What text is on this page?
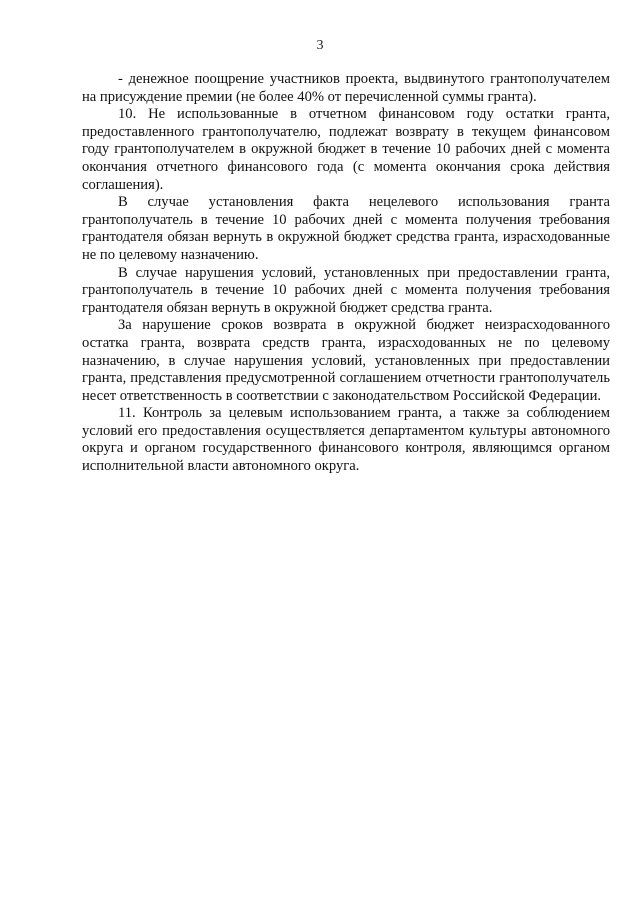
3

- денежное поощрение участников проекта, выдвинутого грантополучателем на присуждение премии (не более 40% от перечисленной суммы гранта).

10. Не использованные в отчетном финансовом году остатки гранта, предоставленного грантополучателю, подлежат возврату в текущем финансовом году грантополучателем в окружной бюджет в течение 10 рабочих дней с момента окончания отчетного финансового года (с момента окончания срока действия соглашения).

В случае установления факта нецелевого использования гранта грантополучатель в течение 10 рабочих дней с момента получения требования грантодателя обязан вернуть в окружной бюджет средства гранта, израсходованные не по целевому назначению.

В случае нарушения условий, установленных при предоставлении гранта, грантополучатель в течение 10 рабочих дней с момента получения требования грантодателя обязан вернуть в окружной бюджет средства гранта.

За нарушение сроков возврата в окружной бюджет неизрасходованного остатка гранта, возврата средств гранта, израсходованных не по целевому назначению, в случае нарушения условий, установленных при предоставлении гранта, представления предусмотренной соглашением отчетности грантополучатель несет ответственность в соответствии с законодательством Российской Федерации.

11. Контроль за целевым использованием гранта, а также за соблюдением условий его предоставления осуществляется департаментом культуры автономного округа и органом государственного финансового контроля, являющимся органом исполнительной власти автономного округа.
